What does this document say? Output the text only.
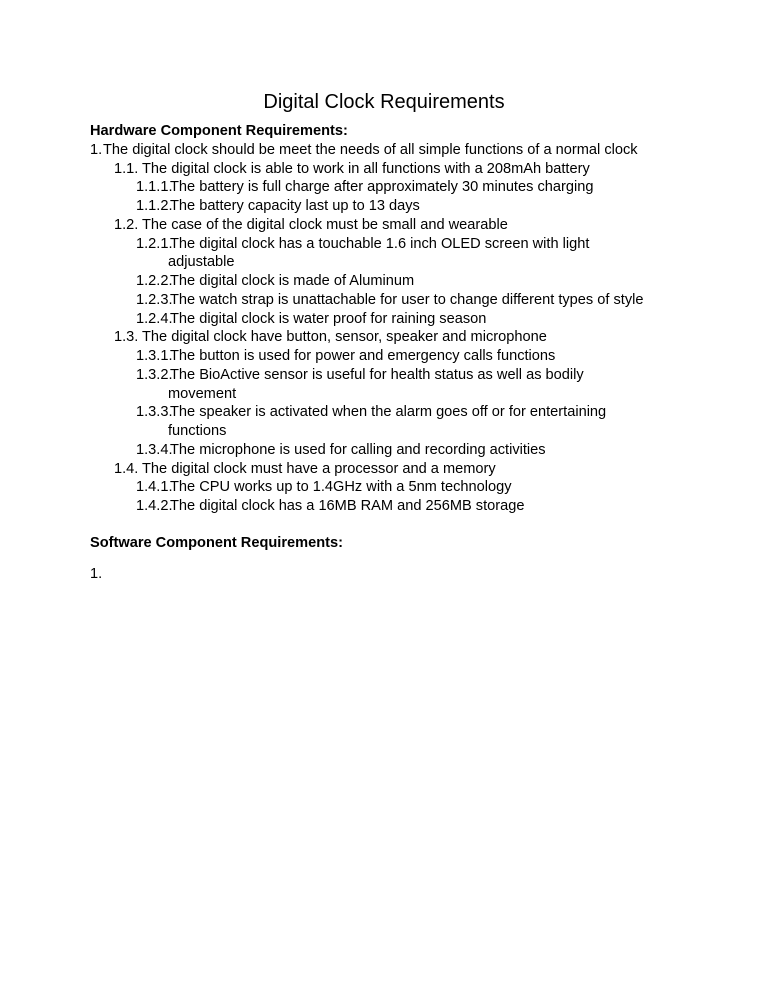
Digital Clock Requirements
Hardware Component Requirements:
1. The digital clock should be meet the needs of all simple functions of a normal clock
1.1. The digital clock is able to work in all functions with a 208mAh battery
1.1.1.
The battery is full charge after approximately 30 minutes charging
1.1.2.
The battery capacity last up to 13 days
1.2. The case of the digital clock must be small and wearable
1.2.1.
The digital clock has a touchable 1.6 inch OLED screen with light
adjustable
1.2.2.
The digital clock is made of Aluminum
1.2.3.
The watch strap is unattachable for user to change different types of style
1.2.4.
The digital clock is water proof for raining season
1.3. The digital clock have button, sensor, speaker and microphone
1.3.1.
The button is used for power and emergency calls functions
1.3.2.
The BioActive sensor is useful for health status as well as bodily
movement
1.3.3.
The speaker is activated when the alarm goes off or for entertaining
functions
1.3.4.
The microphone is used for calling and recording activities
1.4. The digital clock must have a processor and a memory
1.4.1.
The CPU works up to 1.4GHz with a 5nm technology
1.4.2.
The digital clock has a 16MB RAM and 256MB storage
Software Component Requirements:
1.
